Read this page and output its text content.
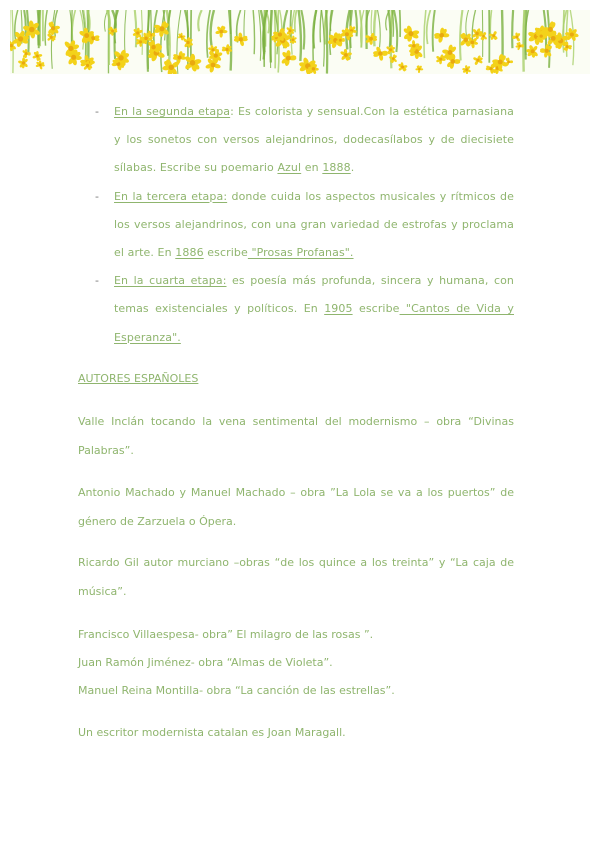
- En la segunda etapa: Es colorista y sensual.Con la estética parnasiana y los sonetos con versos alejandrinos, dodecasílabos y de diecisiete sílabas. Escribe su poemario Azul en 1888.
- En la tercera etapa: donde cuida los aspectos musicales y rítmicos de los versos alejandrinos, con una gran variedad de estrofas y proclama el arte. En 1886 escribe "Prosas Profanas".
- En la cuarta etapa: es poesía más profunda, sincera y humana, con temas existenciales y políticos. En 1905 escribe "Cantos de Vida y Esperanza".
AUTORES ESPAÑOLES

Valle Inclán tocando la vena sentimental del modernismo – obra “Divinas Palabras”.

Antonio Machado y Manuel Machado – obra ”La Lola se va a los puertos” de género de Zarzuela o Ópera.

Ricardo Gil autor murciano –obras “de los quince a los treinta” y “La caja de música”.

Francisco Villaespesa- obra” El milagro de las rosas ”.

Juan Ramón Jiménez- obra “Almas de Violeta”.

Manuel Reina Montilla- obra “La canción de las estrellas”.

Un escritor modernista catalan es Joan Maragall.
